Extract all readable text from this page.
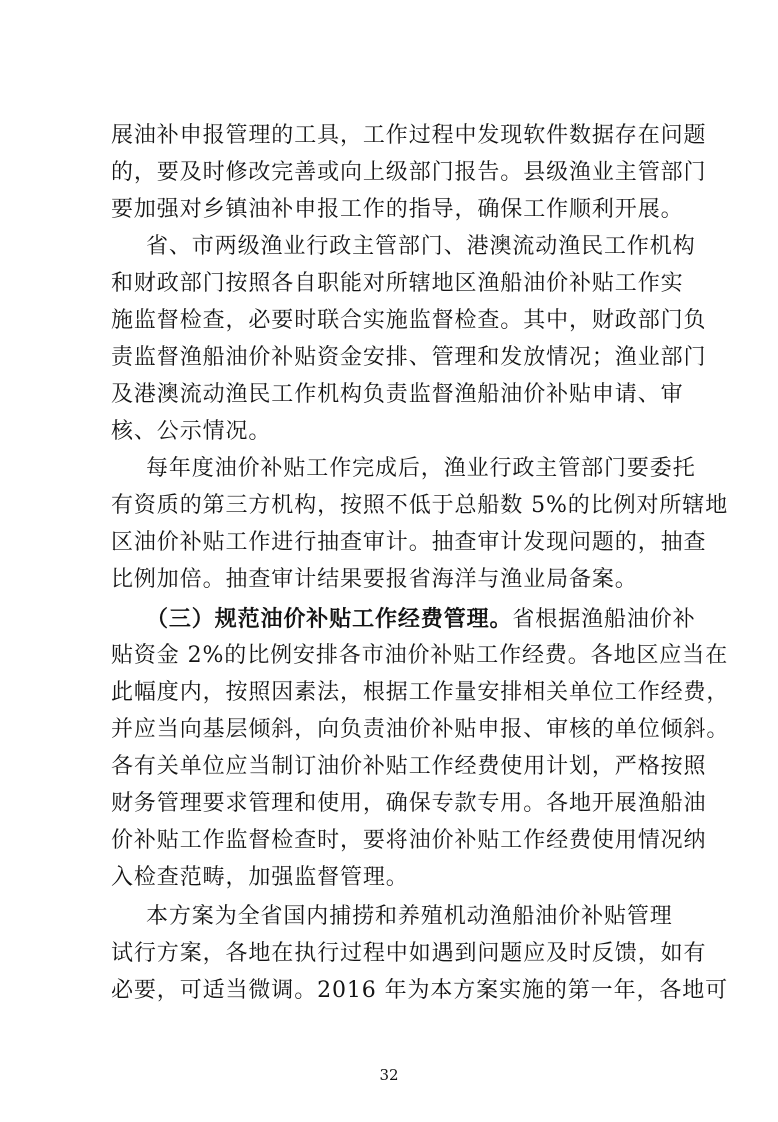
展油补申报管理的工具，工作过程中发现软件数据存在问题

的，要及时修改完善或向上级部门报告。县级渔业主管部门

要加强对乡镇油补申报工作的指导，确保工作顺利开展。

省、市两级渔业行政主管部门、港澳流动渔民工作机构

和财政部门按照各自职能对所辖地区渔船油价补贴工作实

施监督检查，必要时联合实施监督检查。其中，财政部门负

责监督渔船油价补贴资金安排、管理和发放情况；渔业部门

及港澳流动渔民工作机构负责监督渔船油价补贴申请、审

核、公示情况。

每年度油价补贴工作完成后，渔业行政主管部门要委托

有资质的第三方机构，按照不低于总船数 5%的比例对所辖地

区油价补贴工作进行抽查审计。抽查审计发现问题的，抽查

比例加倍。抽查审计结果要报省海洋与渔业局备案。

（三）规范油价补贴工作经费管理。省根据渔船油价补

贴资金 2%的比例安排各市油价补贴工作经费。各地区应当在

此幅度内，按照因素法，根据工作量安排相关单位工作经费，

并应当向基层倾斜，向负责油价补贴申报、审核的单位倾斜。

各有关单位应当制订油价补贴工作经费使用计划，严格按照

财务管理要求管理和使用，确保专款专用。各地开展渔船油

价补贴工作监督检查时，要将油价补贴工作经费使用情况纳

入检查范畴，加强监督管理。

本方案为全省国内捕捞和养殖机动渔船油价补贴管理

试行方案，各地在执行过程中如遇到问题应及时反馈，如有

必要，可适当微调。2016 年为本方案实施的第一年，各地可

32
